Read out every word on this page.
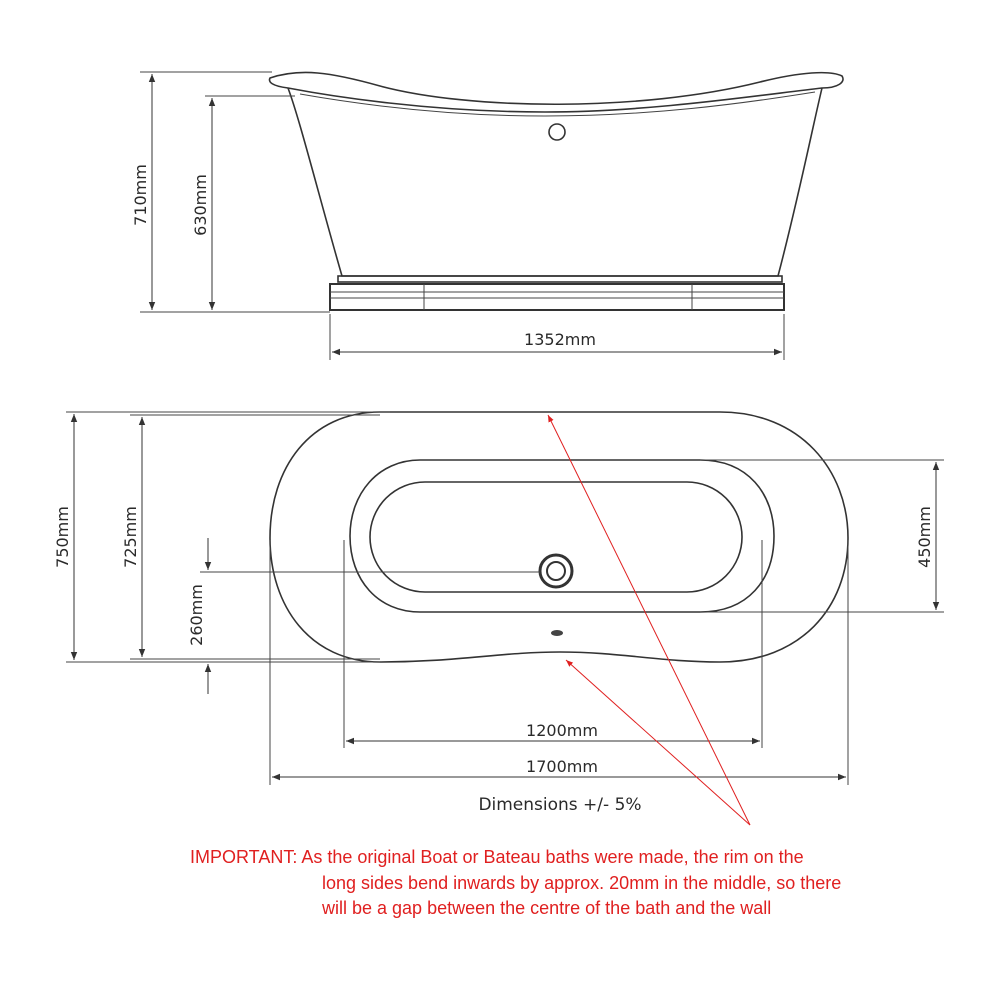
710mm	630mm
1352mm
750mm	725mm
260mm
450mm
1200mm
1700mm
Dimensions +/- 5%
IMPORTANT: As the original Boat or Bateau baths were made, the rim on the
long sides bend inwards by approx. 20mm in the middle, so there
will be a gap between the centre of the bath and the wall
